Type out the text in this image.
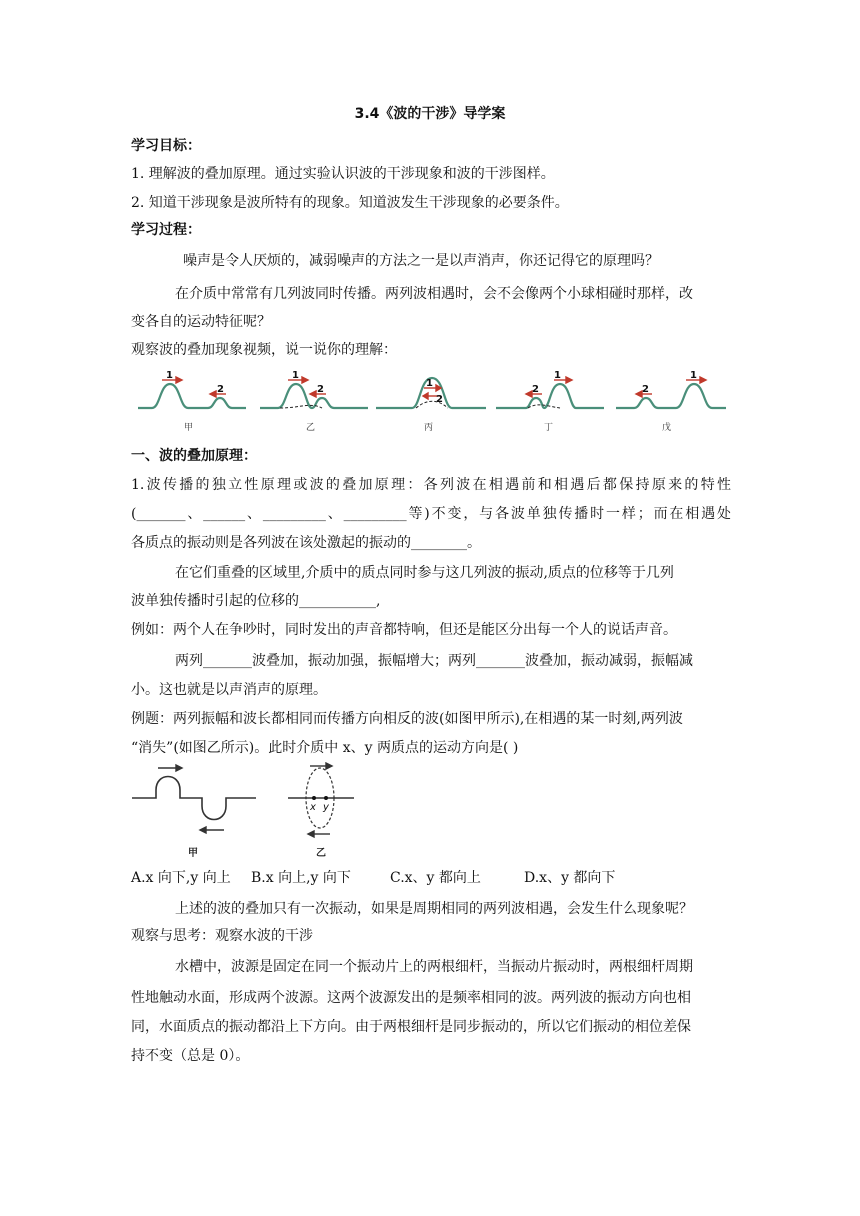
3.4《波的干涉》导学案
学习目标：
1. 理解波的叠加原理。通过实验认识波的干涉现象和波的干涉图样。
2. 知道干涉现象是波所特有的现象。知道波发生干涉现象的必要条件。
学习过程：
噪声是令人厌烦的，减弱噪声的方法之一是以声消声，你还记得它的原理吗？
在介质中常常有几列波同时传播。两列波相遇时，会不会像两个小球相碰时那样，改
变各自的运动特征呢？
观察波的叠加现象视频，说一说你的理解：
1
2
1
2
1
2
2
1
2
1
甲	乙	丙	丁	戊
一、波的叠加原理：
1.波传播的独立性原理或波的叠加原理：各列波在相遇前和相遇后都保持原来的特性
(_______、______、_________、_________等)不变，与各波单独传播时一样；而在相遇处
各质点的振动则是各列波在该处激起的振动的________。
在它们重叠的区域里,介质中的质点同时参与这几列波的振动,质点的位移等于几列
波单独传播时引起的位移的___________,
例如：两个人在争吵时，同时发出的声音都特响，但还是能区分出每一个人的说话声音。
两列_______波叠加，振动加强，振幅增大；两列_______波叠加，振动减弱，振幅减
小。这也就是以声消声的原理。
例题：两列振幅和波长都相同而传播方向相反的波(如图甲所示),在相遇的某一时刻,两列波
“消失”(如图乙所示)。此时介质中 x、y 两质点的运动方向是( )
x y
甲	乙
A.x 向下,y 向上	B.x 向上,y 向下	C.x、y 都向上	D.x、y 都向下
上述的波的叠加只有一次振动，如果是周期相同的两列波相遇，会发生什么现象呢？
观察与思考：观察水波的干涉
水槽中，波源是固定在同一个振动片上的两根细杆，当振动片振动时，两根细杆周期
性地触动水面，形成两个波源。这两个波源发出的是频率相同的波。两列波的振动方向也相
同，水面质点的振动都沿上下方向。由于两根细杆是同步振动的，所以它们振动的相位差保
持不变（总是 0）。
